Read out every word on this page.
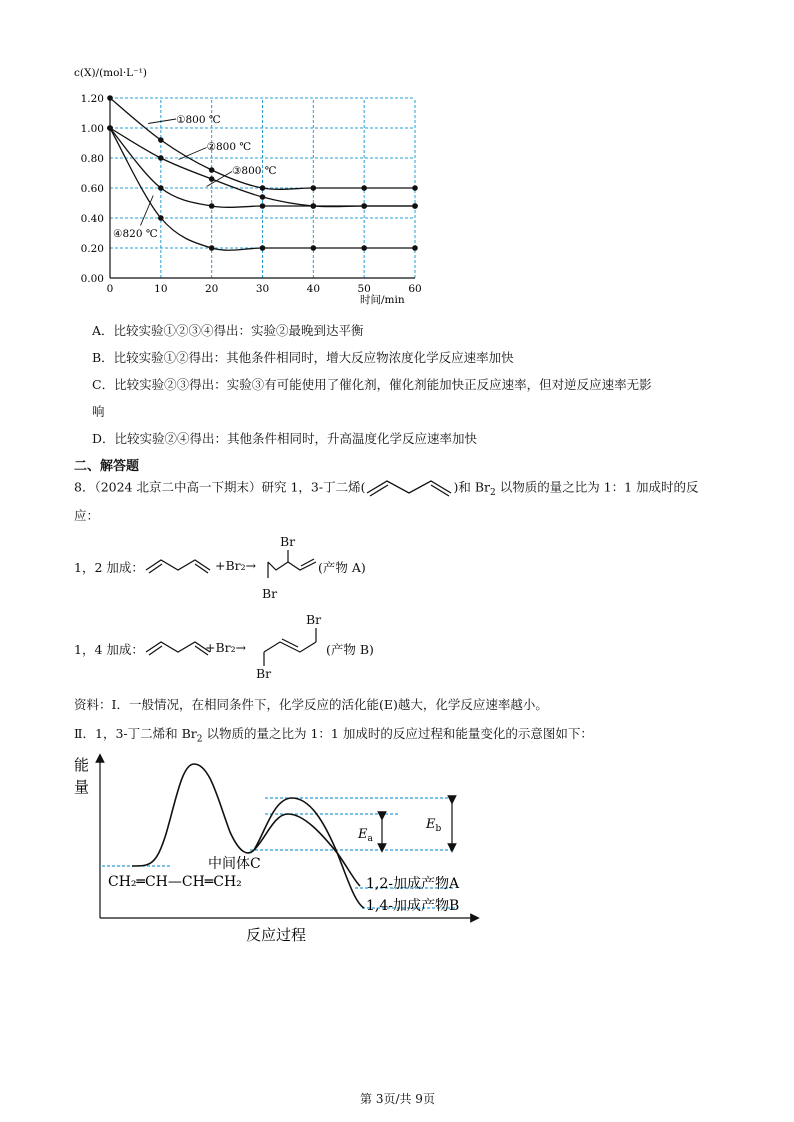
c(X)/(mol·L⁻¹)
0	10	20	30	40	50	60
0.00
0.20
0.40
0.60
0.80
1.00
1.20
①800 ℃
②800 ℃
③800 ℃
④820 ℃
时间/min
A．比较实验①②③④得出：实验②最晚到达平衡
B．比较实验①②得出：其他条件相同时，增大反应物浓度化学反应速率加快
C．比较实验②③得出：实验③有可能使用了催化剂，催化剂能加快正反应速率，但对逆反应速率无影
响
D．比较实验②④得出：其他条件相同时，升高温度化学反应速率加快
二、解答题
8．（2024 北京二中高一下期末）研究 1，3-丁二烯(	)和 $Br_2$ 以物质的量之比为 1：1 加成时的反
应：
1，2 加成：	+Br₂→
Br
Br
(产物 A)
1，4 加成：	+Br₂→
Br
Br
(产物 B)
资料：I．一般情况，在相同条件下，化学反应的活化能(E)越大，化学反应速率越小。
Ⅱ．1，3-丁二烯和 $Br_2$ 以物质的量之比为 1：1 加成时的反应过程和能量变化的示意图如下：
能
量
反应过程
$E_a$
$E_b$
中间体C
CH₂═CH—CH═CH₂	1,2-加成产物A
1,4-加成产物B
第 3页/共 9页
